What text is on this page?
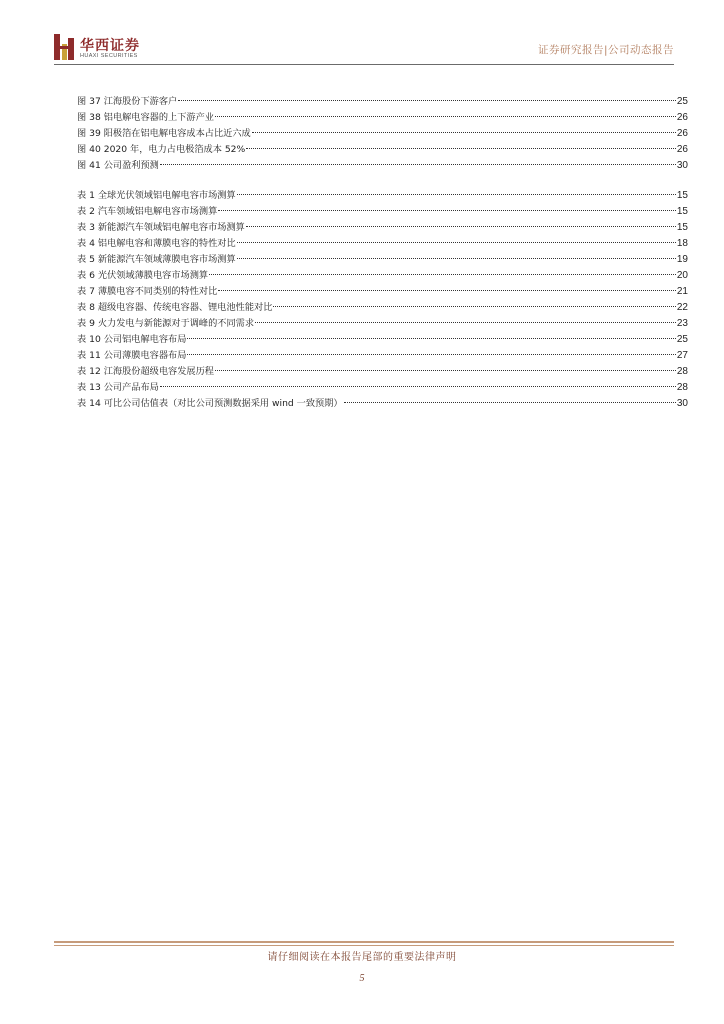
华西证券
HUAXI SECURITIES	证券研究报告|公司动态报告
图 37 江海股份下游客户	25
图 38 铝电解电容器的上下游产业	26
图 39 阳极箔在铝电解电容成本占比近六成	26
图 40 2020 年，电力占电极箔成本 52%	26
图 41 公司盈利预测	30
表 1 全球光伏领域铝电解电容市场测算	15
表 2 汽车领域铝电解电容市场测算	15
表 3 新能源汽车领域铝电解电容市场测算	15
表 4 铝电解电容和薄膜电容的特性对比	18
表 5 新能源汽车领域薄膜电容市场测算	19
表 6 光伏领域薄膜电容市场测算	20
表 7 薄膜电容不同类别的特性对比	21
表 8 超级电容器、传统电容器、锂电池性能对比	22
表 9 火力发电与新能源对于调峰的不同需求	23
表 10 公司铝电解电容布局	25
表 11 公司薄膜电容器布局	27
表 12 江海股份超级电容发展历程	28
表 13 公司产品布局	28
表 14 可比公司估值表（对比公司预测数据采用 wind 一致预期）	30
请仔细阅读在本报告尾部的重要法律声明
5
